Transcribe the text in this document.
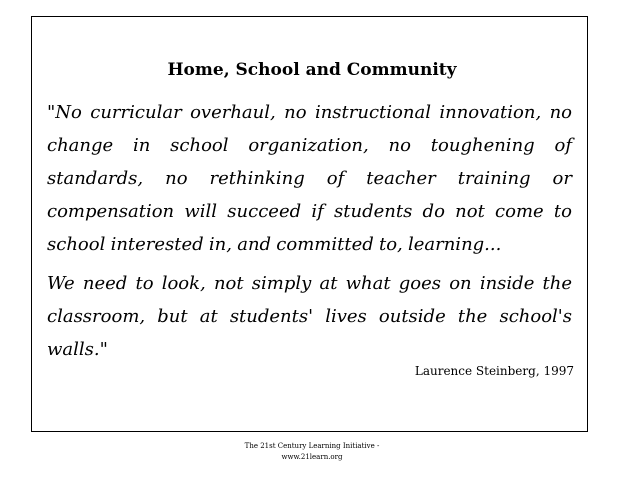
Home, School and Community

"No curricular overhaul, no instructional innovation, no change in school organization, no toughening of standards, no rethinking of teacher training or compensation will succeed if students do not come to school interested in, and committed to, learning...

We need to look, not simply at what goes on inside the classroom, but at students' lives outside the school's walls."

Laurence Steinberg, 1997

The 21st Century Learning Initiative -
www.21learn.org
